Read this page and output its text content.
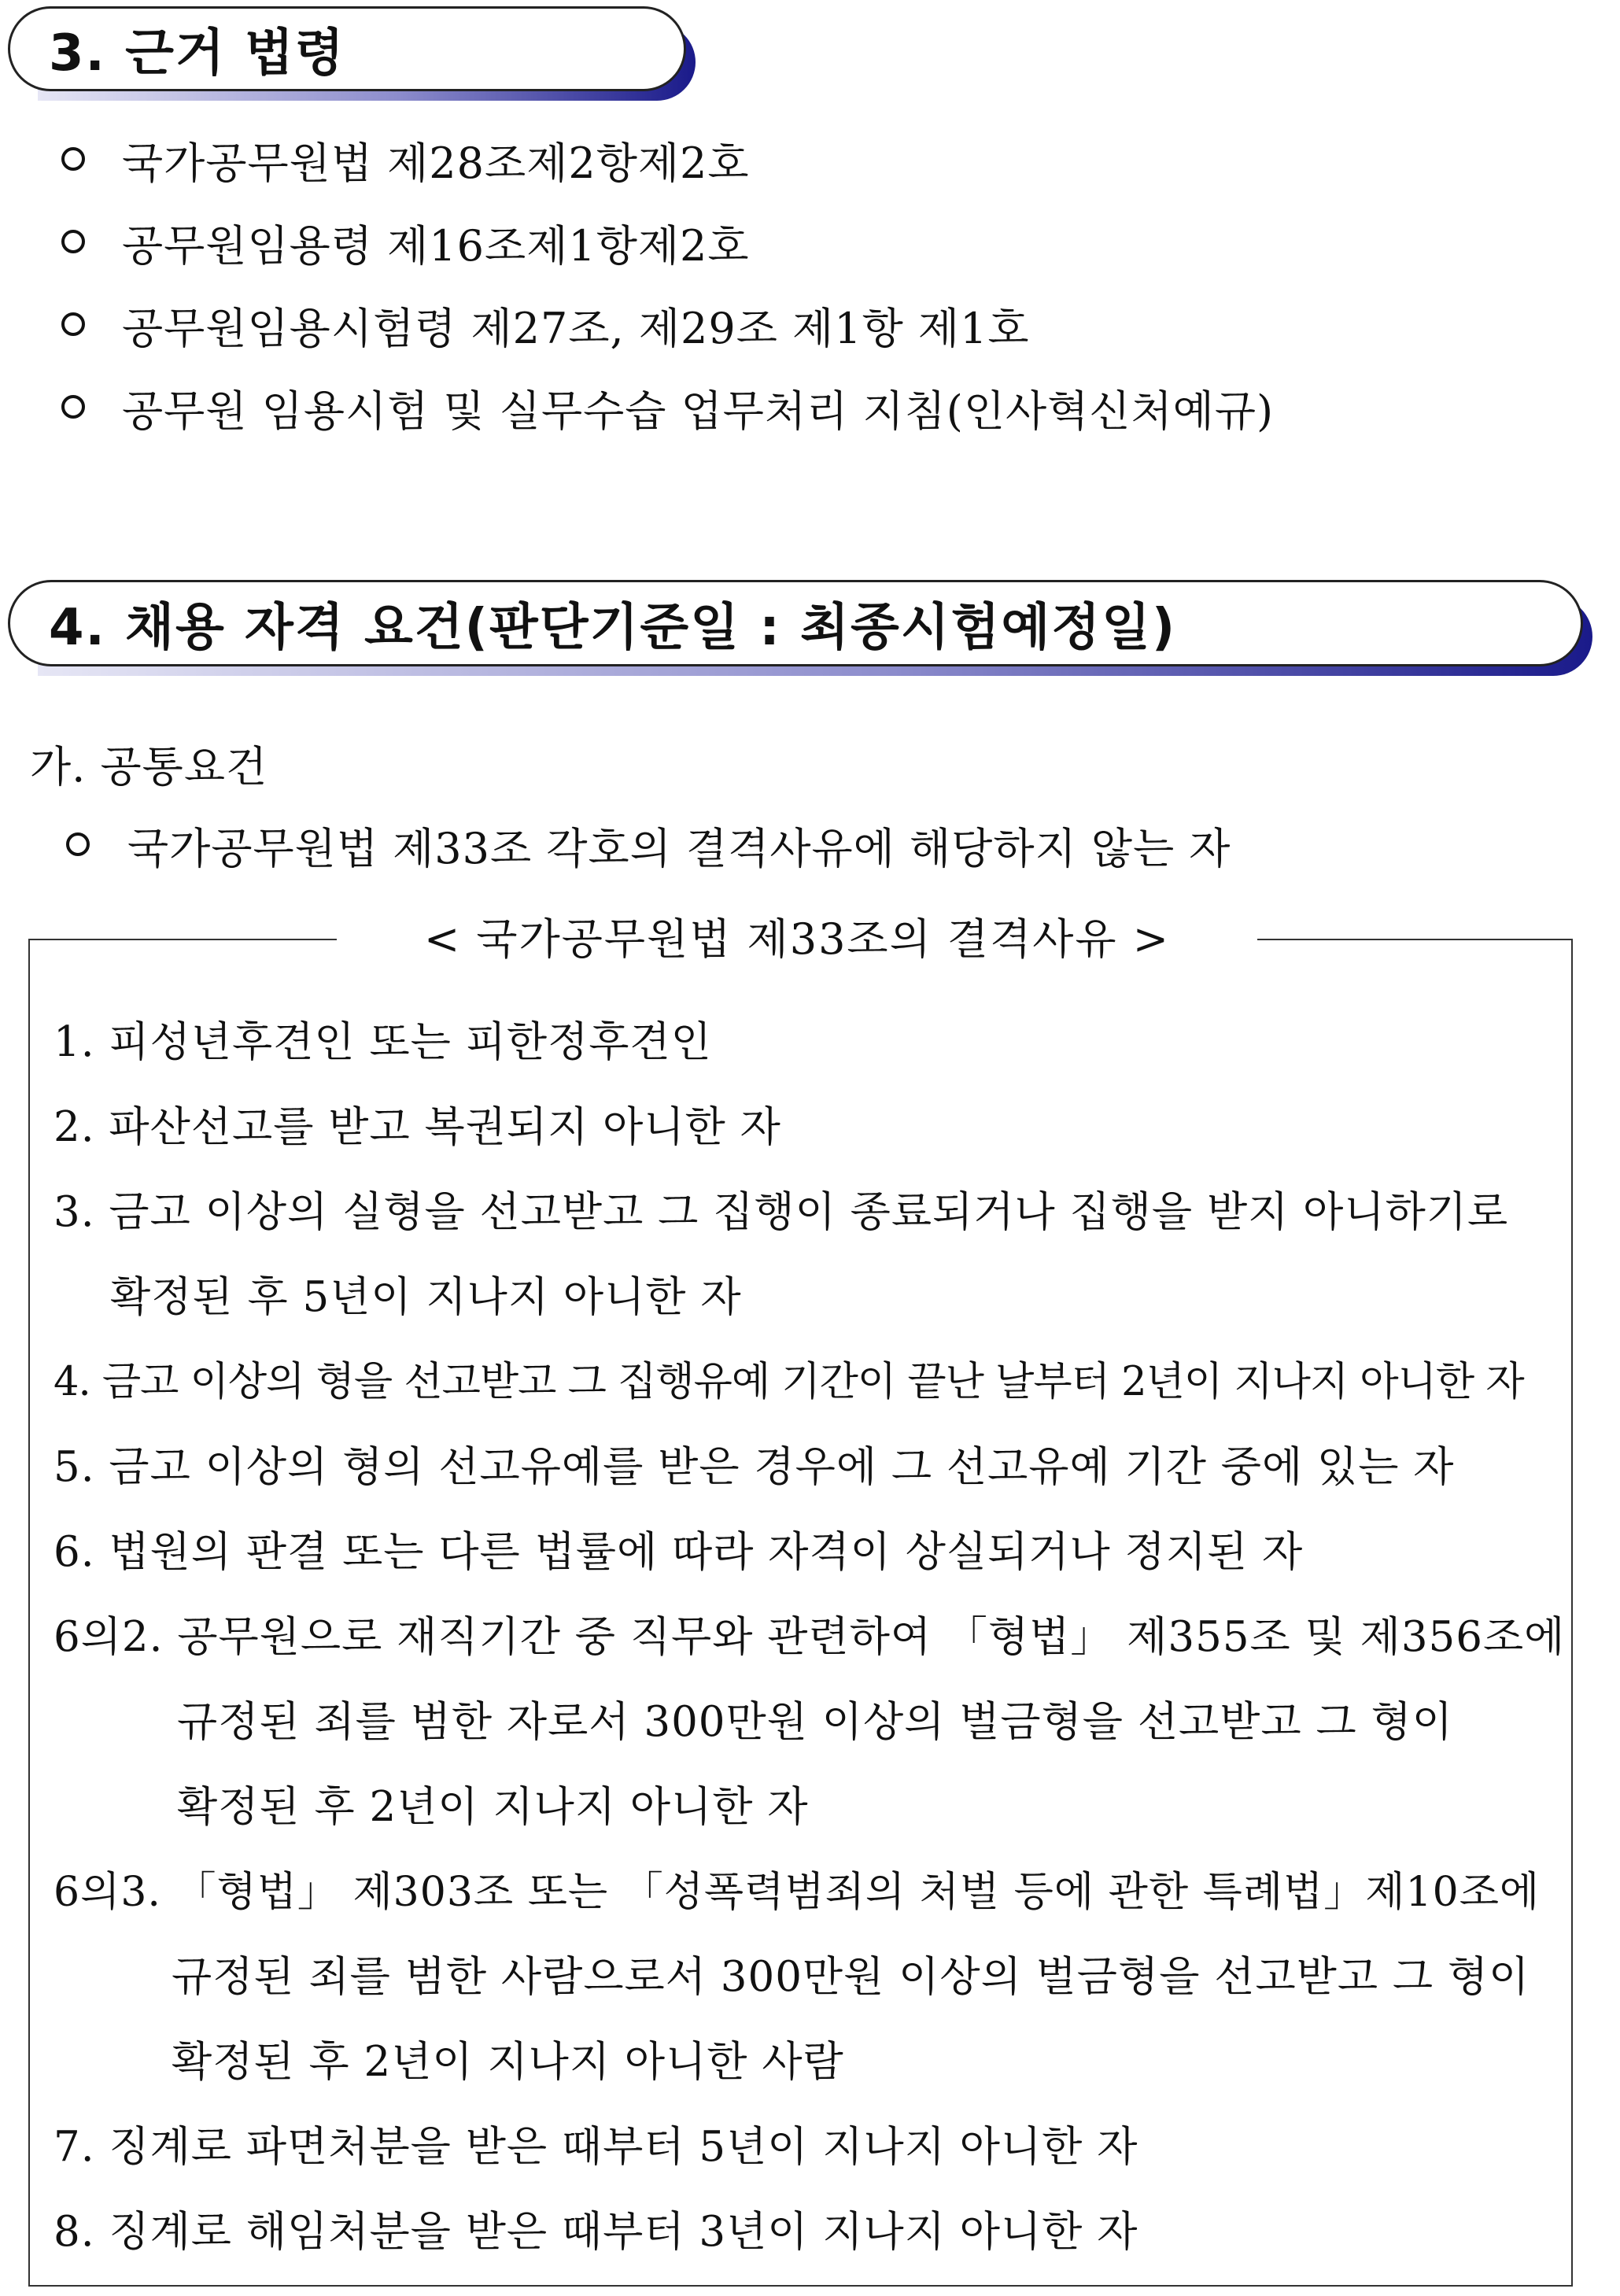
3. 근거 법령
국가공무원법 제28조제2항제2호
공무원임용령 제16조제1항제2호
공무원임용시험령 제27조, 제29조 제1항 제1호
공무원 임용시험 및 실무수습 업무처리 지침(인사혁신처예규)
4. 채용 자격 요건(판단기준일 : 최종시험예정일)
가. 공통요건
국가공무원법 제33조 각호의 결격사유에 해당하지 않는 자
< 국가공무원법 제33조의 결격사유 >
1. 피성년후견인 또는 피한정후견인
2. 파산선고를 받고 복권되지 아니한 자
3. 금고 이상의 실형을 선고받고 그 집행이 종료되거나 집행을 받지 아니하기로
확정된 후 5년이 지나지 아니한 자
4. 금고 이상의 형을 선고받고 그 집행유예 기간이 끝난 날부터 2년이 지나지 아니한 자
5. 금고 이상의 형의 선고유예를 받은 경우에 그 선고유예 기간 중에 있는 자
6. 법원의 판결 또는 다른 법률에 따라 자격이 상실되거나 정지된 자
6의2. 공무원으로 재직기간 중 직무와 관련하여 「형법」 제355조 및 제356조에
규정된 죄를 범한 자로서 300만원 이상의 벌금형을 선고받고 그 형이
확정된 후 2년이 지나지 아니한 자
6의3. 「형법」 제303조 또는 「성폭력범죄의 처벌 등에 관한 특례법」제10조에
규정된 죄를 범한 사람으로서 300만원 이상의 벌금형을 선고받고 그 형이
확정된 후 2년이 지나지 아니한 사람
7. 징계로 파면처분을 받은 때부터 5년이 지나지 아니한 자
8. 징계로 해임처분을 받은 때부터 3년이 지나지 아니한 자
